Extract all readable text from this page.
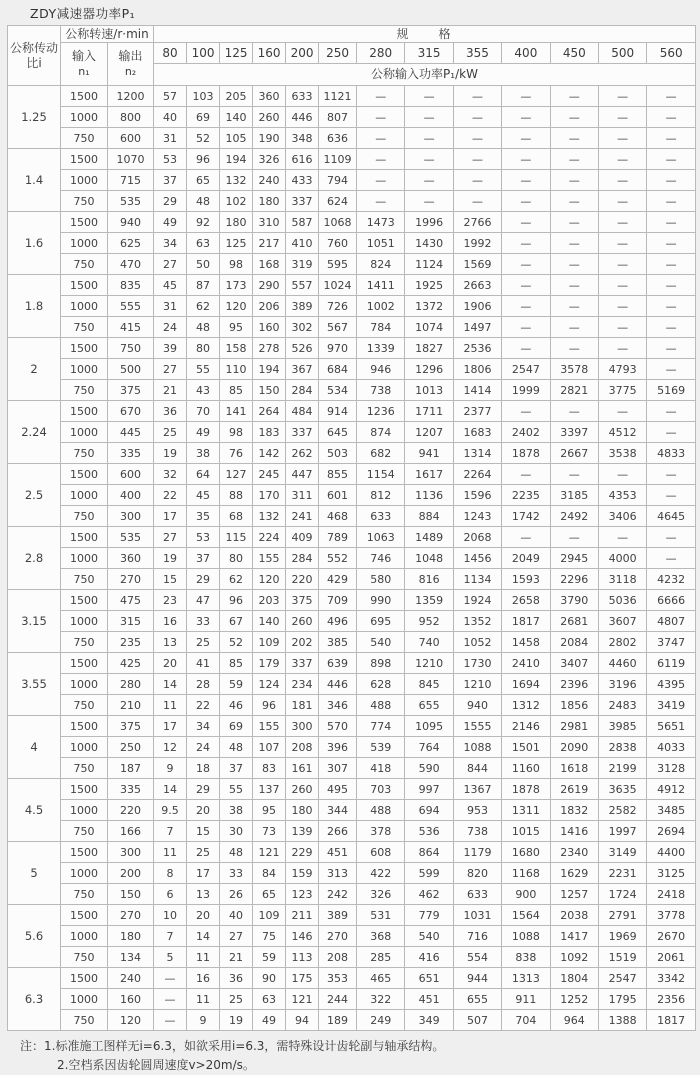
ZDY减速器功率P₁
公称传动
比i	公称转速/r·min		规　　格												
	输入
n₁	输出
n₂	80	100	125	160	200	250	280	315	355	400	450	500	560
			公称输入功率P₁/kW												
1.25	1500	1200	57	103	205	360	633	1121	—	—	—	—	—	—	—
	1000	800	40	69	140	260	446	807	—	—	—	—	—	—	—
	750	600	31	52	105	190	348	636	—	—	—	—	—	—	—
1.4	1500	1070	53	96	194	326	616	1109	—	—	—	—	—	—	—
	1000	715	37	65	132	240	433	794	—	—	—	—	—	—	—
	750	535	29	48	102	180	337	624	—	—	—	—	—	—	—
1.6	1500	940	49	92	180	310	587	1068	1473	1996	2766	—	—	—	—
	1000	625	34	63	125	217	410	760	1051	1430	1992	—	—	—	—
	750	470	27	50	98	168	319	595	824	1124	1569	—	—	—	—
1.8	1500	835	45	87	173	290	557	1024	1411	1925	2663	—	—	—	—
	1000	555	31	62	120	206	389	726	1002	1372	1906	—	—	—	—
	750	415	24	48	95	160	302	567	784	1074	1497	—	—	—	—
2	1500	750	39	80	158	278	526	970	1339	1827	2536	—	—	—	—
	1000	500	27	55	110	194	367	684	946	1296	1806	2547	3578	4793	—
	750	375	21	43	85	150	284	534	738	1013	1414	1999	2821	3775	5169
2.24	1500	670	36	70	141	264	484	914	1236	1711	2377	—	—	—	—
	1000	445	25	49	98	183	337	645	874	1207	1683	2402	3397	4512	—
	750	335	19	38	76	142	262	503	682	941	1314	1878	2667	3538	4833
2.5	1500	600	32	64	127	245	447	855	1154	1617	2264	—	—	—	—
	1000	400	22	45	88	170	311	601	812	1136	1596	2235	3185	4353	—
	750	300	17	35	68	132	241	468	633	884	1243	1742	2492	3406	4645
2.8	1500	535	27	53	115	224	409	789	1063	1489	2068	—	—	—	—
	1000	360	19	37	80	155	284	552	746	1048	1456	2049	2945	4000	—
	750	270	15	29	62	120	220	429	580	816	1134	1593	2296	3118	4232
3.15	1500	475	23	47	96	203	375	709	990	1359	1924	2658	3790	5036	6666
	1000	315	16	33	67	140	260	496	695	952	1352	1817	2681	3607	4807
	750	235	13	25	52	109	202	385	540	740	1052	1458	2084	2802	3747
3.55	1500	425	20	41	85	179	337	639	898	1210	1730	2410	3407	4460	6119
	1000	280	14	28	59	124	234	446	628	845	1210	1694	2396	3196	4395
	750	210	11	22	46	96	181	346	488	655	940	1312	1856	2483	3419
4	1500	375	17	34	69	155	300	570	774	1095	1555	2146	2981	3985	5651
	1000	250	12	24	48	107	208	396	539	764	1088	1501	2090	2838	4033
	750	187	9	18	37	83	161	307	418	590	844	1160	1618	2199	3128
4.5	1500	335	14	29	55	137	260	495	703	997	1367	1878	2619	3635	4912
	1000	220	9.5	20	38	95	180	344	488	694	953	1311	1832	2582	3485
	750	166	7	15	30	73	139	266	378	536	738	1015	1416	1997	2694
5	1500	300	11	25	48	121	229	451	608	864	1179	1680	2340	3149	4400
	1000	200	8	17	33	84	159	313	422	599	820	1168	1629	2231	3125
	750	150	6	13	26	65	123	242	326	462	633	900	1257	1724	2418
5.6	1500	270	10	20	40	109	211	389	531	779	1031	1564	2038	2791	3778
	1000	180	7	14	27	75	146	270	368	540	716	1088	1417	1969	2670
	750	134	5	11	21	59	113	208	285	416	554	838	1092	1519	2061
6.3	1500	240	—	16	36	90	175	353	465	651	944	1313	1804	2547	3342
	1000	160	—	11	25	63	121	244	322	451	655	911	1252	1795	2356
	750	120	—	9	19	49	94	189	249	349	507	704	964	1388	1817
注：1.标准施工图样无i=6.3，如欲采用i=6.3，需特殊设计齿轮副与轴承结构。
2.空档系因齿轮圆周速度v>20m/s。
